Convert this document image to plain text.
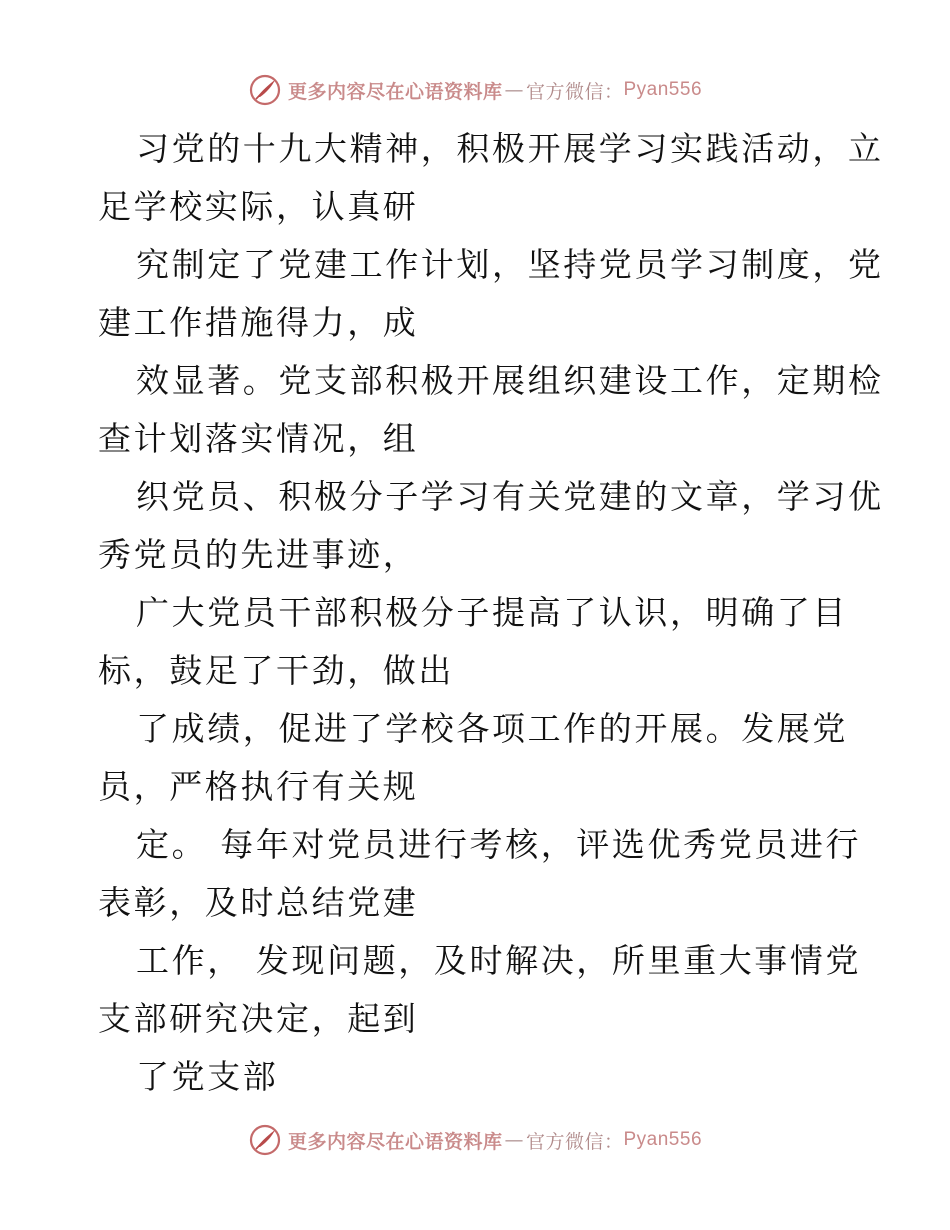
更多内容尽在心语资料库 — 官方微信： Pyan556
习党的十九大精神，积极开展学习实践活动，立
足学校实际，认真研
究制定了党建工作计划，坚持党员学习制度，党
建工作措施得力，成
效显著。党支部积极开展组织建设工作，定期检
查计划落实情况，组
织党员、积极分子学习有关党建的文章，学习优
秀党员的先进事迹，
广大党员干部积极分子提高了认识，明确了目
标，鼓足了干劲，做出
了成绩，促进了学校各项工作的开展。发展党
员，严格执行有关规
定。 每年对党员进行考核，评选优秀党员进行
表彰，及时总结党建
工作， 发现问题，及时解决，所里重大事情党
支部研究决定，起到
了党支部
更多内容尽在心语资料库 — 官方微信： Pyan556
